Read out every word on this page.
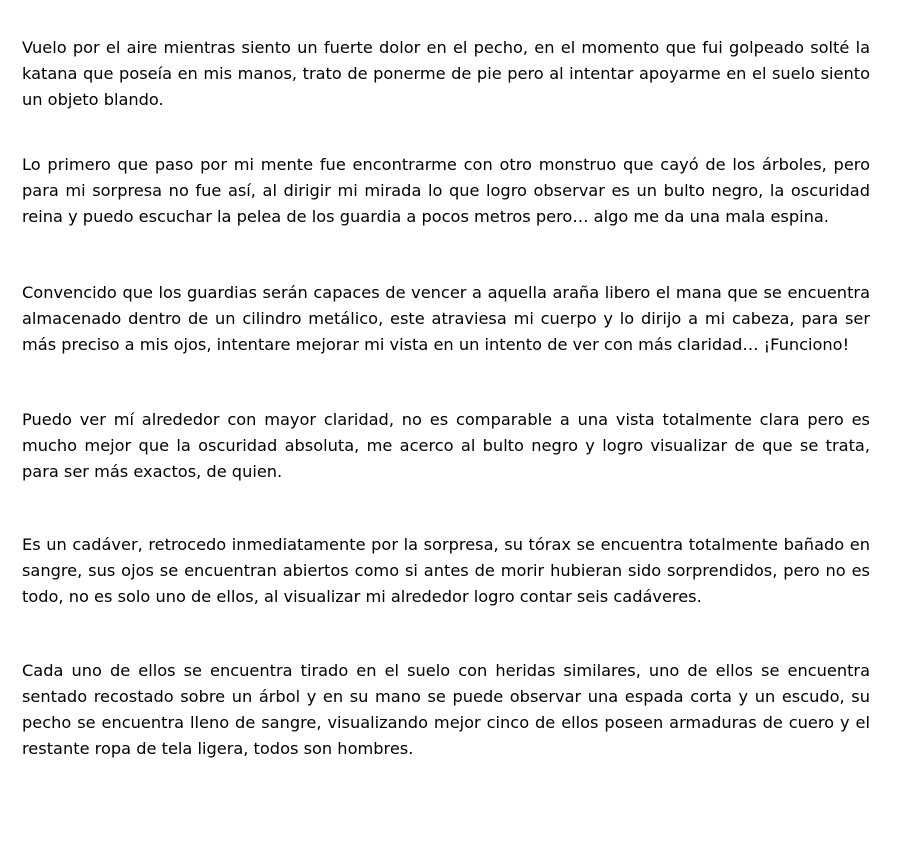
Vuelo por el aire mientras siento un fuerte dolor en el pecho, en el momento que fui golpeado solté la katana que poseía en mis manos, trato de ponerme de pie pero al intentar apoyarme en el suelo siento un objeto blando.

Lo primero que paso por mi mente fue encontrarme con otro monstruo que cayó de los árboles, pero para mi sorpresa no fue así, al dirigir mi mirada lo que logro observar es un bulto negro, la oscuridad reina y puedo escuchar la pelea de los guardia a pocos metros pero… algo me da una mala espina.

Convencido que los guardias serán capaces de vencer a aquella araña libero el mana que se encuentra almacenado dentro de un cilindro metálico, este atraviesa mi cuerpo y lo dirijo a mi cabeza, para ser más preciso a mis ojos, intentare mejorar mi vista en un intento de ver con más claridad… ¡Funciono!

Puedo ver mí alrededor con mayor claridad, no es comparable a una vista totalmente clara pero es mucho mejor que la oscuridad absoluta, me acerco al bulto negro y logro visualizar de que se trata, para ser más exactos, de quien.

Es un cadáver, retrocedo inmediatamente por la sorpresa, su tórax se encuentra totalmente bañado en sangre, sus ojos se encuentran abiertos como si antes de morir hubieran sido sorprendidos, pero no es todo, no es solo uno de ellos, al visualizar mi alrededor logro contar seis cadáveres.

Cada uno de ellos se encuentra tirado en el suelo con heridas similares, uno de ellos se encuentra sentado recostado sobre un árbol y en su mano se puede observar una espada corta y un escudo, su pecho se encuentra lleno de sangre, visualizando mejor cinco de ellos poseen armaduras de cuero y el restante ropa de tela ligera, todos son hombres.
